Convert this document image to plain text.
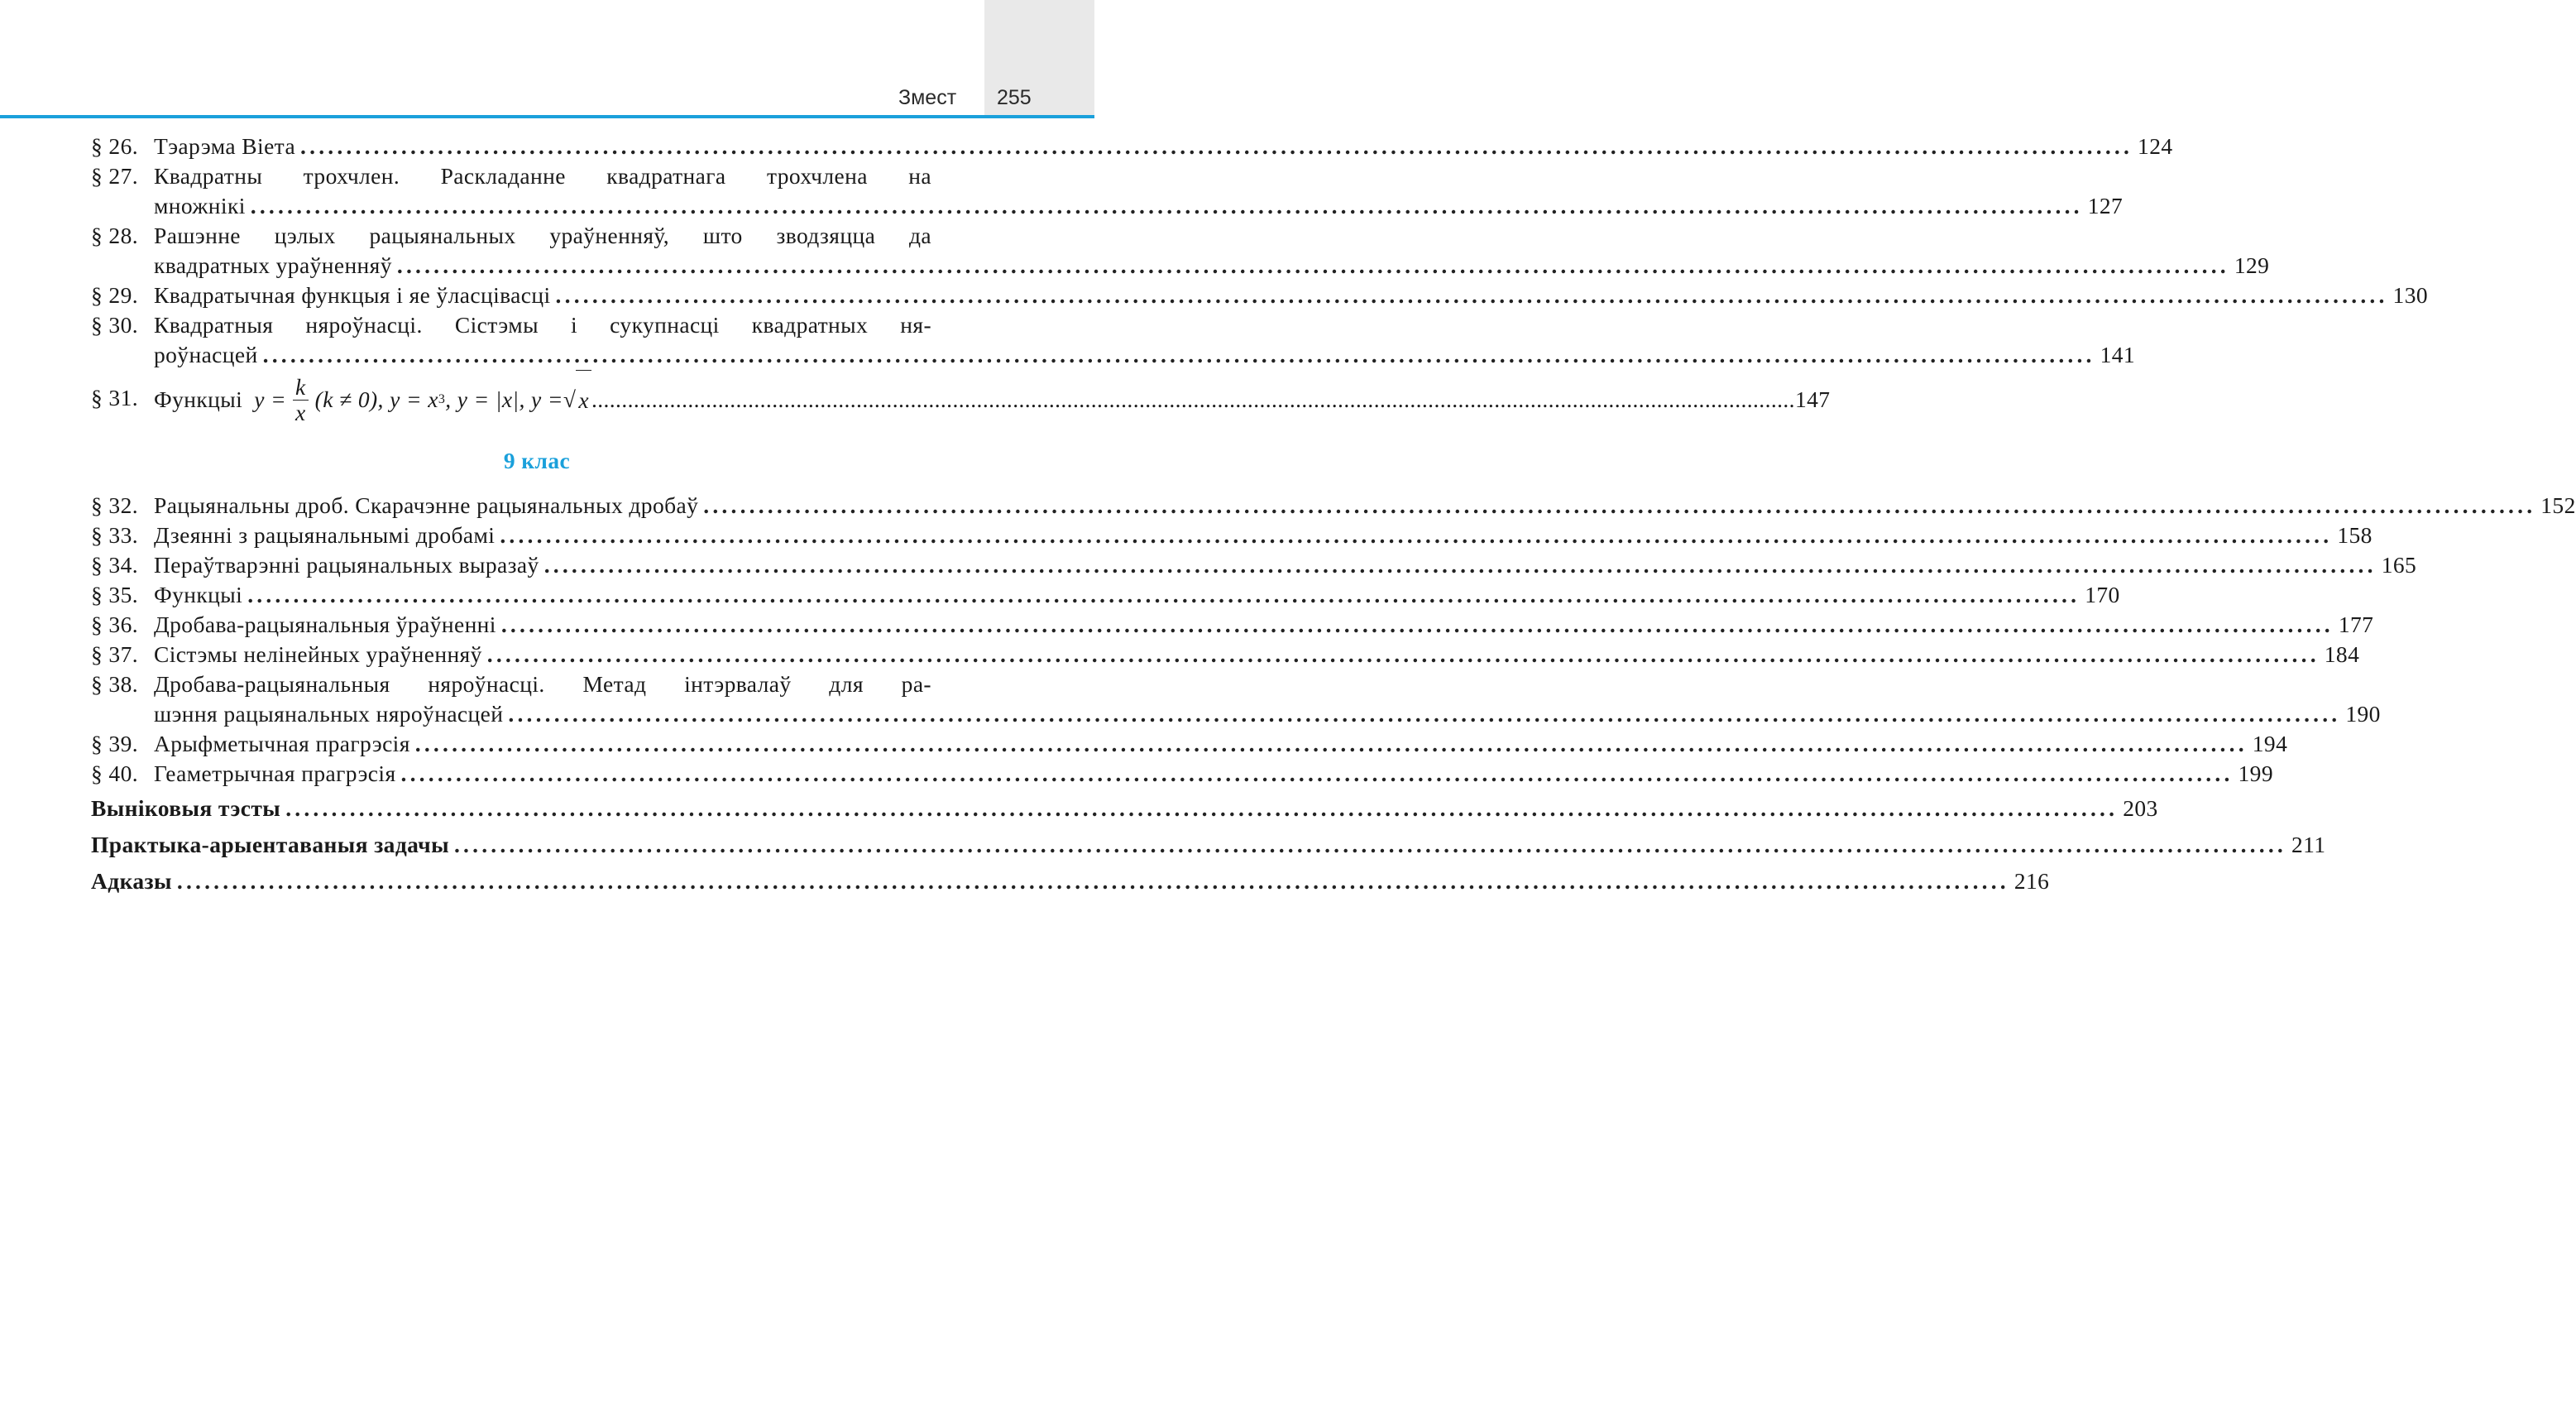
Змест 255
§ 26. Тэарэма Віета ........................................................................................................................................................................................................ 124
§ 27. Квадратны трохчлен. Раскладанне квадратнага трохчлена на
множнікі ........................................................................................................................................................................................................ 127
§ 28. Рашэнне цэлых рацыянальных ураўненняў, што зводзяцца да
квадратных ураўненняў ........................................................................................................................................................................................................ 129
§ 29. Квадратычная функцыя і яе ўласцівасці ........................................................................................................................................................................................................ 130
§ 30. Квадратныя няроўнасці. Сістэмы і сукупнасці квадратных ня-
роўнасцей ........................................................................................................................................................................................................ 141
§ 31. Функцыі $y = \frac{k}{x} (k \ne 0)$,
y = x 3 , y = |x|,
y = √ x ........................................................................................................................................................................................................ 147
9 клас
§ 32. Рацыянальны дроб. Скарачэнне рацыянальных дробаў ........................................................................................................................................................................................................ 152
§ 33. Дзеянні з рацыянальнымі дробамі ........................................................................................................................................................................................................ 158
§ 34. Пераўтварэнні рацыянальных выразаў ........................................................................................................................................................................................................ 165
§ 35. Функцыі ........................................................................................................................................................................................................ 170
§ 36. Дробава-рацыянальныя ўраўненні ........................................................................................................................................................................................................ 177
§ 37. Сістэмы нелінейных ураўненняў ........................................................................................................................................................................................................ 184
§ 38. Дробава-рацыянальныя няроўнасці. Метад інтэрвалаў для ра-
шэння рацыянальных няроўнасцей ........................................................................................................................................................................................................ 190
§ 39. Арыфметычная прагрэсія ........................................................................................................................................................................................................ 194
§ 40. Геаметрычная прагрэсія ........................................................................................................................................................................................................ 199
Выніковыя тэсты ........................................................................................................................................................................................................ 203
Практыка-арыентаваныя задачы ........................................................................................................................................................................................................ 211
Адказы ........................................................................................................................................................................................................ 216
